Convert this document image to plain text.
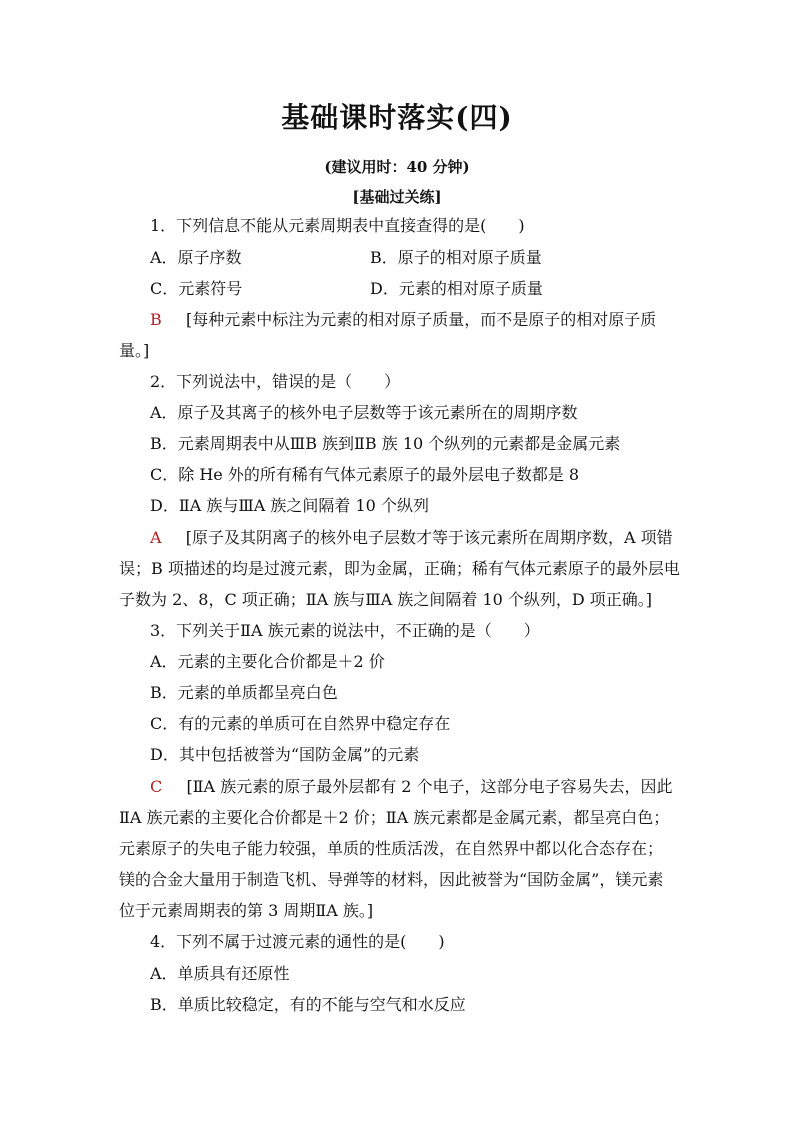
基础课时落实(四)
(建议用时：40 分钟)
[基础过关练]
1．下列信息不能从元素周期表中直接查得的是(　　)
A．原子序数	B．原子的相对原子质量
C．元素符号	D．元素的相对原子质量
B [每种元素中标注为元素的相对原子质量，而不是原子的相对原子质
量。]
2．下列说法中，错误的是（　　）
A．原子及其离子的核外电子层数等于该元素所在的周期序数
B．元素周期表中从ⅢB 族到ⅡB 族 10 个纵列的元素都是金属元素
C．除 He 外的所有稀有气体元素原子的最外层电子数都是 8
D．ⅡA 族与ⅢA 族之间隔着 10 个纵列
A [原子及其阴离子的核外电子层数才等于该元素所在周期序数，A 项错
误；B 项描述的均是过渡元素，即为金属，正确；稀有气体元素原子的最外层电
子数为 2、8，C 项正确；ⅡA 族与ⅢA 族之间隔着 10 个纵列，D 项正确。]
3．下列关于ⅡA 族元素的说法中，不正确的是（　　）
A．元素的主要化合价都是＋2 价
B．元素的单质都呈亮白色
C．有的元素的单质可在自然界中稳定存在
D．其中包括被誉为“国防金属”的元素
C [ⅡA 族元素的原子最外层都有 2 个电子，这部分电子容易失去，因此
ⅡA 族元素的主要化合价都是＋2 价；ⅡA 族元素都是金属元素，都呈亮白色；
元素原子的失电子能力较强，单质的性质活泼，在自然界中都以化合态存在；
镁的合金大量用于制造飞机、导弹等的材料，因此被誉为“国防金属”，镁元素
位于元素周期表的第 3 周期ⅡA 族。]
4．下列不属于过渡元素的通性的是(　　)
A．单质具有还原性
B．单质比较稳定，有的不能与空气和水反应
